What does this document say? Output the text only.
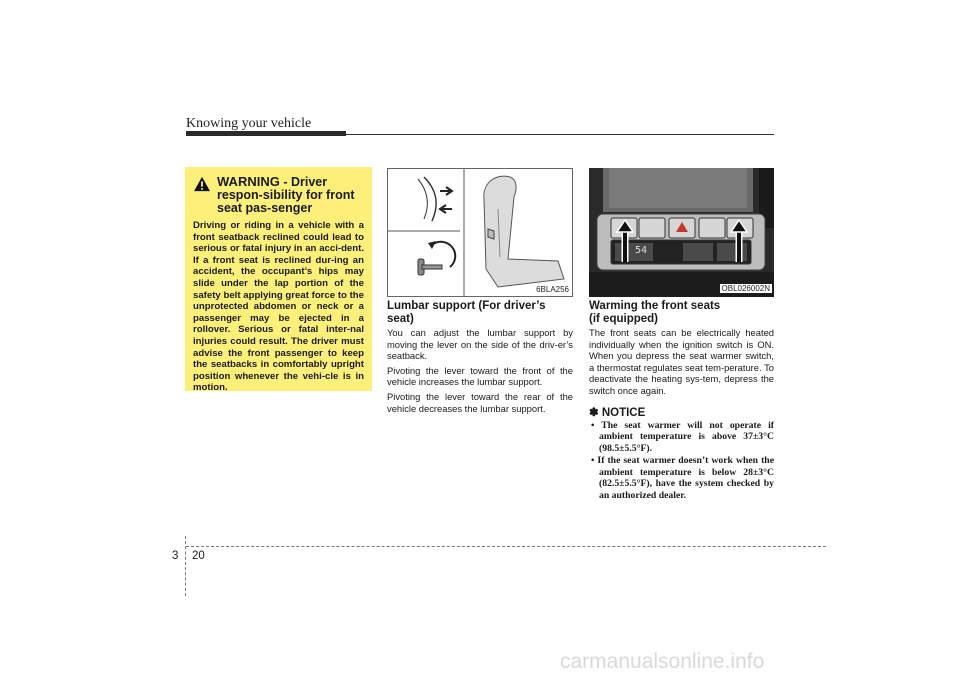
Knowing your vehicle
WARNING - Driver respon-sibility for front seat pas-senger
Driving or riding in a vehicle with a front seatback reclined could lead to serious or fatal injury in an acci-dent. If a front seat is reclined dur-ing an accident, the occupant’s hips may slide under the lap portion of the safety belt applying great force to the unprotected abdomen or neck or a passenger may be ejected in a rollover. Serious or fatal inter-nal injuries could result. The driver must advise the front passenger to keep the seatbacks in comfortably upright position whenever the vehi-cle is in motion.
6BLA256
Lumbar support (For driver’s seat)

You can adjust the lumbar support by moving the lever on the side of the driv-er’s seatback.

Pivoting the lever toward the front of the vehicle increases the lumbar support.

Pivoting the lever toward the rear of the vehicle decreases the lumbar support.

54
OBL026002N
Warming the front seats
(if equipped)

The front seats can be electrically heated individually when the ignition switch is ON. When you depress the seat warmer switch, a thermostat regulates seat tem-perature. To deactivate the heating sys-tem, depress the switch once again.

✽ NOTICE

• The seat warmer will not operate if ambient temperature is above 37±3°C (98.5±5.5°F).

• If the seat warmer doesn’t work when the ambient temperature is below 28±3°C (82.5±5.5°F), have the system checked by an authorized dealer.

3 20
carmanualsonline.info
